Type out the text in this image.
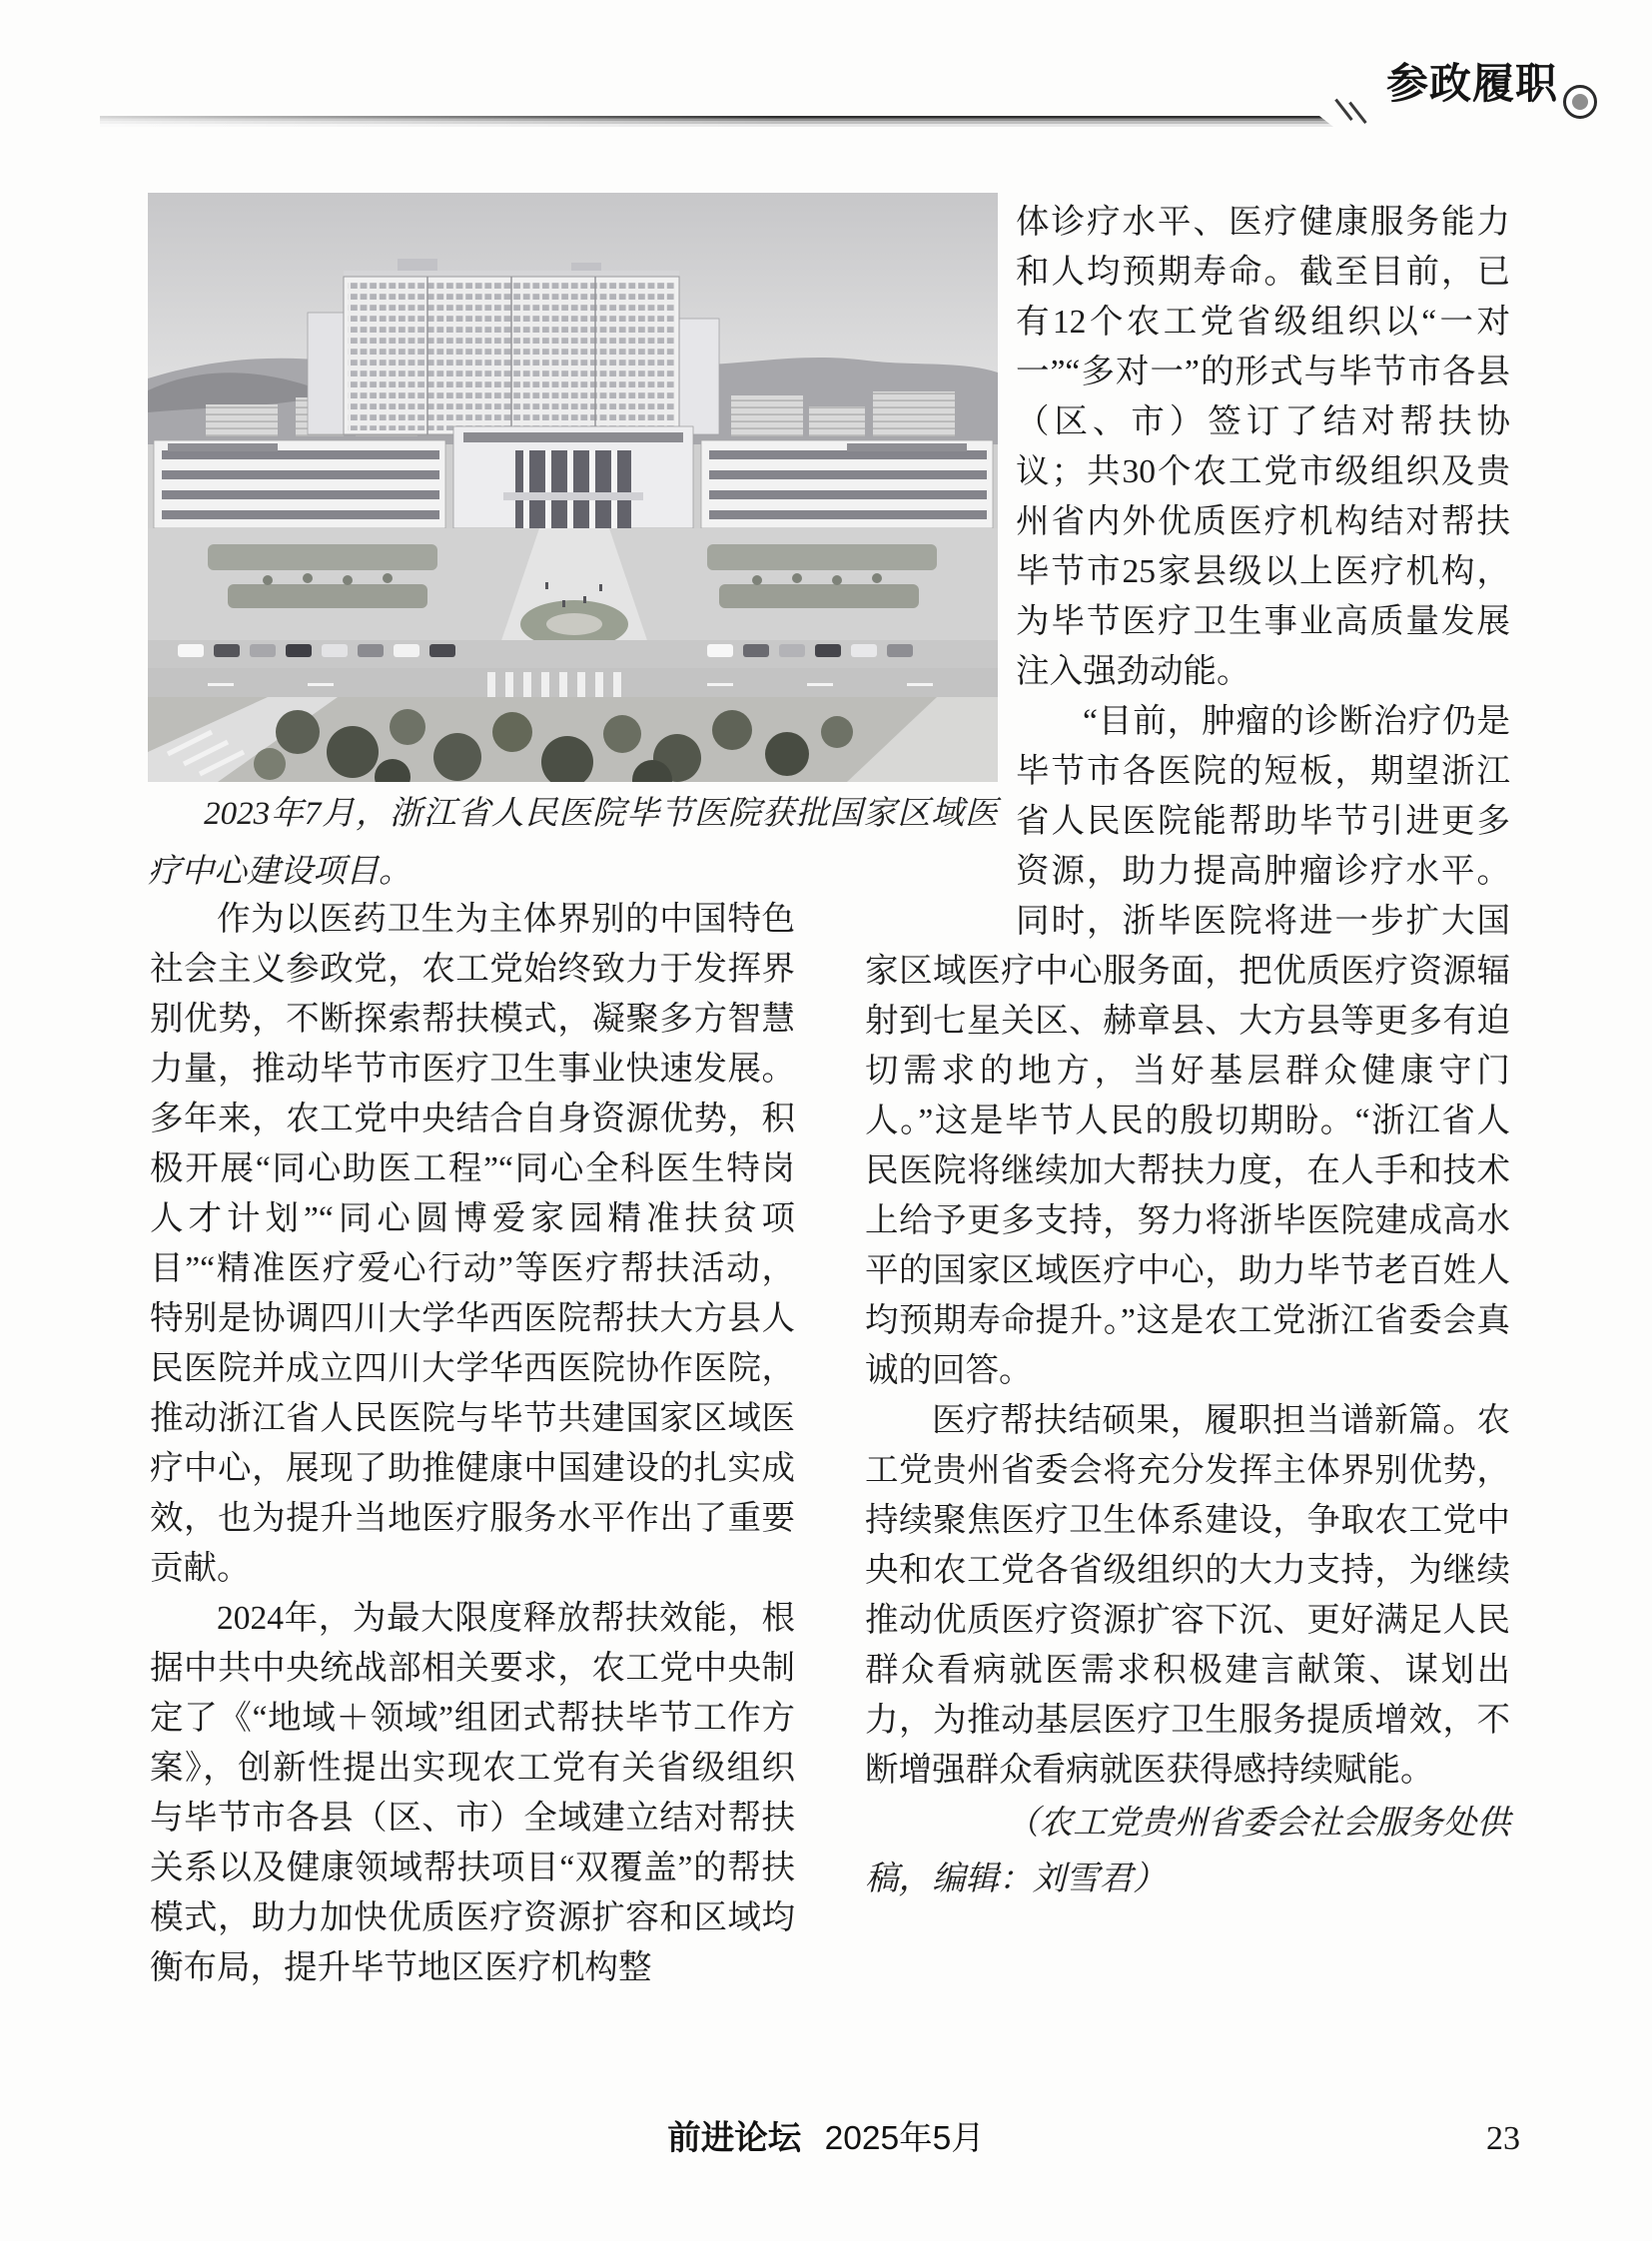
参政履职
2023年7月，浙江省人民医院毕节医院获批国家区域医疗中心建设项目。

作为以医药卫生为主体界别的中国特色社会主义参政党，农工党始终致力于发挥界别优势，不断探索帮扶模式，凝聚多方智慧力量，推动毕节市医疗卫生事业快速发展。多年来，农工党中央结合自身资源优势，积极开展“同心助医工程”“同心全科医生特岗人才计划”“同心圆博爱家园精准扶贫项目”“精准医疗爱心行动”等医疗帮扶活动，特别是协调四川大学华西医院帮扶大方县人民医院并成立四川大学华西医院协作医院，推动浙江省人民医院与毕节共建国家区域医疗中心，展现了助推健康中国建设的扎实成效，也为提升当地医疗服务水平作出了重要贡献。

2024年，为最大限度释放帮扶效能，根据中共中央统战部相关要求，农工党中央制定了《“地域＋领域”组团式帮扶毕节工作方案》，创新性提出实现农工党有关省级组织与毕节市各县（区、市）全域建立结对帮扶关系以及健康领域帮扶项目“双覆盖”的帮扶模式，助力加快优质医疗资源扩容和区域均衡布局，提升毕节地区医疗机构整

体诊疗水平、医疗健康服务能力和人均预期寿命。截至目前，已有12个农工党省级组织以“一对一”“多对一”的形式与毕节市各县（区、市）签订了结对帮扶协议；共30个农工党市级组织及贵州省内外优质医疗机构结对帮扶毕节市25家县级以上医疗机构，为毕节医疗卫生事业高质量发展注入强劲动能。

“目前，肿瘤的诊断治疗仍是毕节市各医院的短板，期望浙江省人民医院能帮助毕节引进更多资源，助力提高肿瘤诊疗水平。同时，浙毕医院将进一步扩大国家区域医疗中心服务面，把优质医疗资源辐射到七星关区、赫章县、大方县等更多有迫切需求的地方，当好基层群众健康守门人。”这是毕节人民的殷切期盼。“浙江省人民医院将继续加大帮扶力度，在人手和技术上给予更多支持，努力将浙毕医院建成高水平的国家区域医疗中心，助力毕节老百姓人均预期寿命提升。”这是农工党浙江省委会真诚的回答。

医疗帮扶结硕果，履职担当谱新篇。农工党贵州省委会将充分发挥主体界别优势，持续聚焦医疗卫生体系建设，争取农工党中央和农工党各省级组织的大力支持，为继续推动优质医疗资源扩容下沉、更好满足人民群众看病就医需求积极建言献策、谋划出力，为推动基层医疗卫生服务提质增效，不断增强群众看病就医获得感持续赋能。

（农工党贵州省委会社会服务处供稿，编辑：刘雪君）

前进论坛 2025年5月	23
